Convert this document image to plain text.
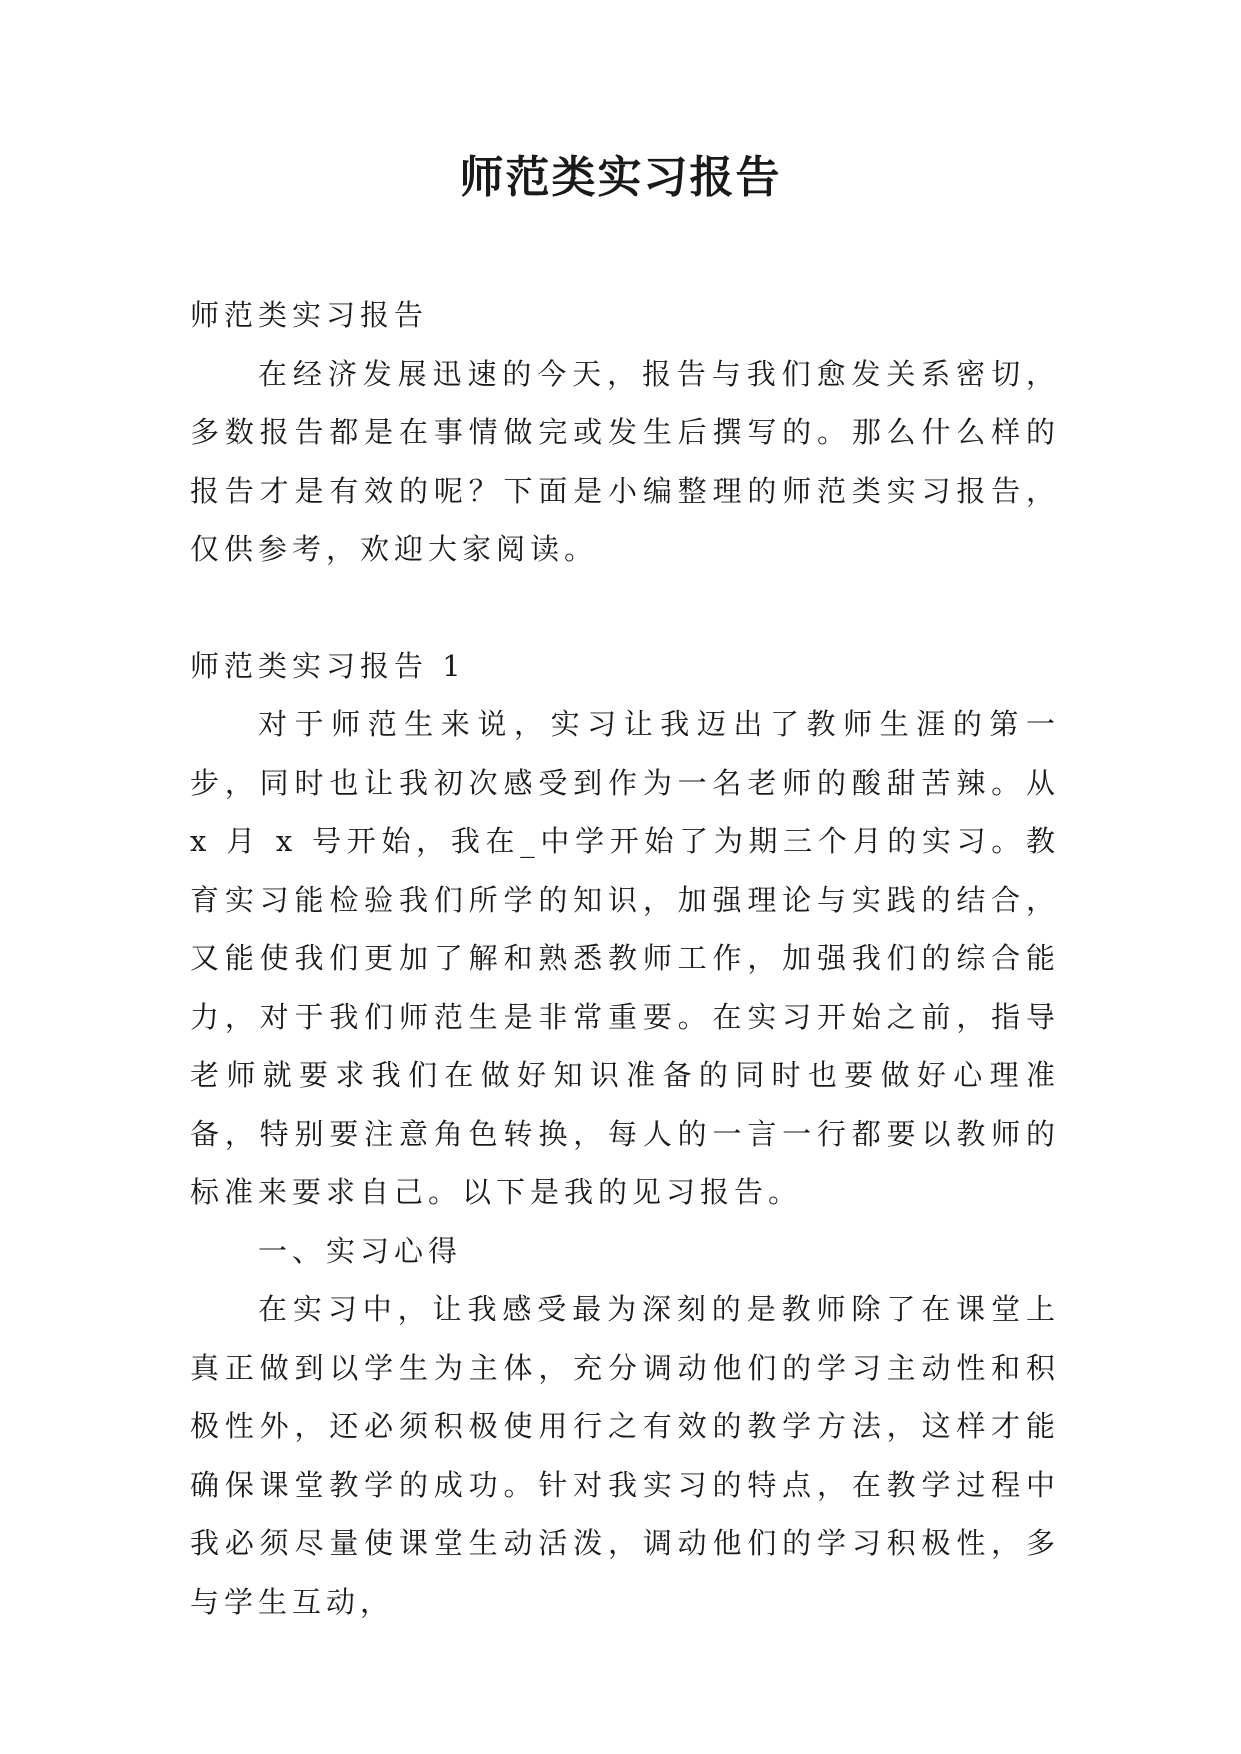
师范类实习报告

师范类实习报告

在经济发展迅速的今天，报告与我们愈发关系密切，多数报告都是在事情做完或发生后撰写的。那么什么样的报告才是有效的呢？下面是小编整理的师范类实习报告，仅供参考，欢迎大家阅读。

师范类实习报告 1

对于师范生来说，实习让我迈出了教师生涯的第一步，同时也让我初次感受到作为一名老师的酸甜苦辣。从 x 月 x 号开始，我在_中学开始了为期三个月的实习。教育实习能检验我们所学的知识，加强理论与实践的结合，又能使我们更加了解和熟悉教师工作，加强我们的综合能力，对于我们师范生是非常重要。在实习开始之前，指导老师就要求我们在做好知识准备的同时也要做好心理准备，特别要注意角色转换，每人的一言一行都要以教师的标准来要求自己。以下是我的见习报告。

一、实习心得

在实习中，让我感受最为深刻的是教师除了在课堂上真正做到以学生为主体，充分调动他们的学习主动性和积极性外，还必须积极使用行之有效的教学方法，这样才能确保课堂教学的成功。针对我实习的特点，在教学过程中我必须尽量使课堂生动活泼，调动他们的学习积极性，多与学生互动，
